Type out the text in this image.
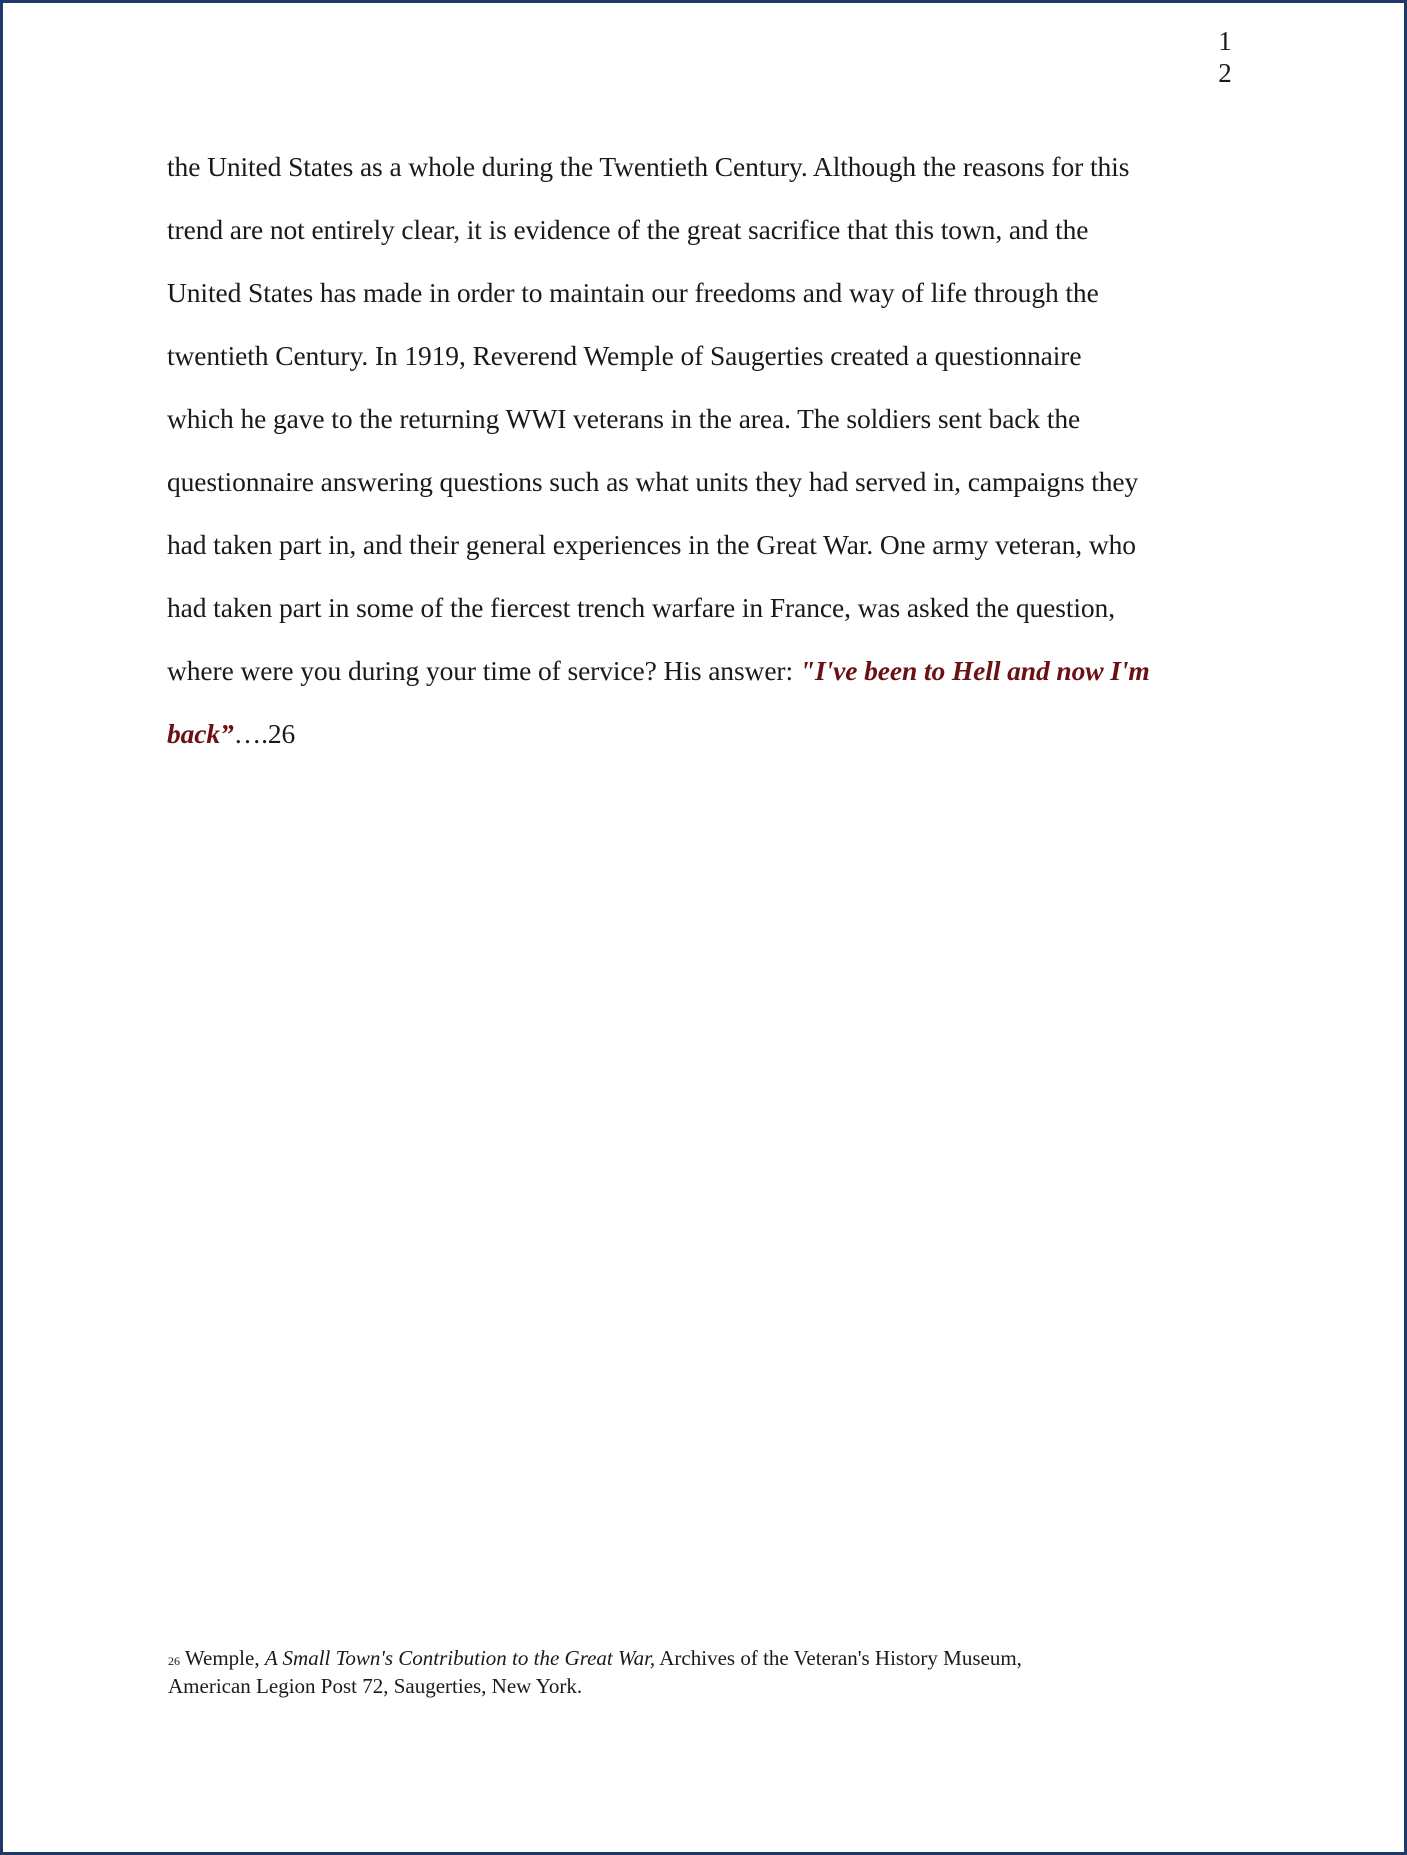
1
2

the United States as a whole during the Twentieth Century. Although the reasons for this
trend are not entirely clear, it is evidence of the great sacrifice that this town, and the
United States has made in order to maintain our freedoms and way of life through the
twentieth Century. In 1919, Reverend Wemple of Saugerties created a questionnaire
which he gave to the returning WWI veterans in the area. The soldiers sent back the
questionnaire answering questions such as what units they had served in, campaigns they
had taken part in, and their general experiences in the Great War. One army veteran, who
had taken part in some of the fiercest trench warfare in France, was asked the question,
where were you during your time of service? His answer: "I've been to Hell and now I'm
back”….26

26 Wemple, A Small Town's Contribution to the Great War, Archives of the Veteran's History Museum,
American Legion Post 72, Saugerties, New York.
